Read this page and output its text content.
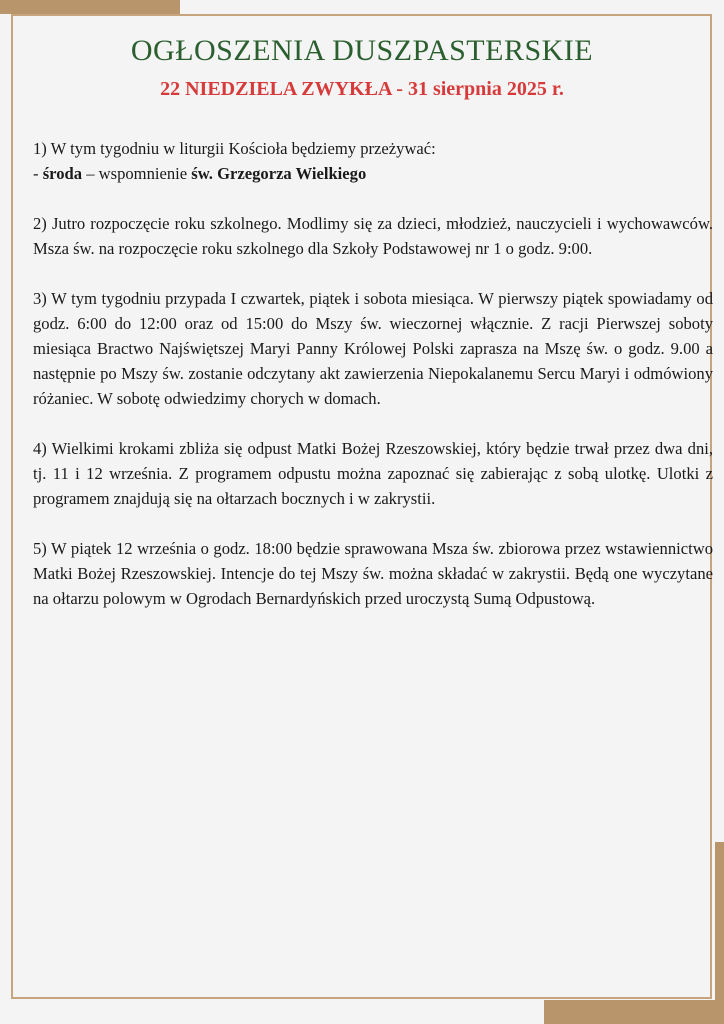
OGŁOSZENIA DUSZPASTERSKIE
22 NIEDZIELA ZWYKŁA - 31 sierpnia 2025 r.
1) W tym tygodniu w liturgii Kościoła będziemy przeżywać:
- środa – wspomnienie św. Grzegorza Wielkiego

2) Jutro rozpoczęcie roku szkolnego. Modlimy się za dzieci, młodzież, nauczycieli i wychowawców. Msza św. na rozpoczęcie roku szkolnego dla Szkoły Podstawowej nr 1 o godz. 9:00.

3) W tym tygodniu przypada I czwartek, piątek i sobota miesiąca. W pierwszy piątek spowiadamy od godz. 6:00 do 12:00 oraz od 15:00 do Mszy św. wieczornej włącznie. Z racji Pierwszej soboty miesiąca Bractwo Najświętszej Maryi Panny Królowej Polski zaprasza na Mszę św. o godz. 9.00 a następnie po Mszy św. zostanie odczytany akt zawierzenia Niepokalanemu Sercu Maryi i odmówiony różaniec. W sobotę odwiedzimy chorych w domach.

4) Wielkimi krokami zbliża się odpust Matki Bożej Rzeszowskiej, który będzie trwał przez dwa dni, tj. 11 i 12 września. Z programem odpustu można zapoznać się zabierając z sobą ulotkę. Ulotki z programem znajdują się na ołtarzach bocznych i w zakrystii.

5) W piątek 12 września o godz. 18:00 będzie sprawowana Msza św. zbiorowa przez wstawiennictwo Matki Bożej Rzeszowskiej. Intencje do tej Mszy św. można składać w zakrystii. Będą one wyczytane na ołtarzu polowym w Ogrodach Bernardyńskich przed uroczystą Sumą Odpustową.
